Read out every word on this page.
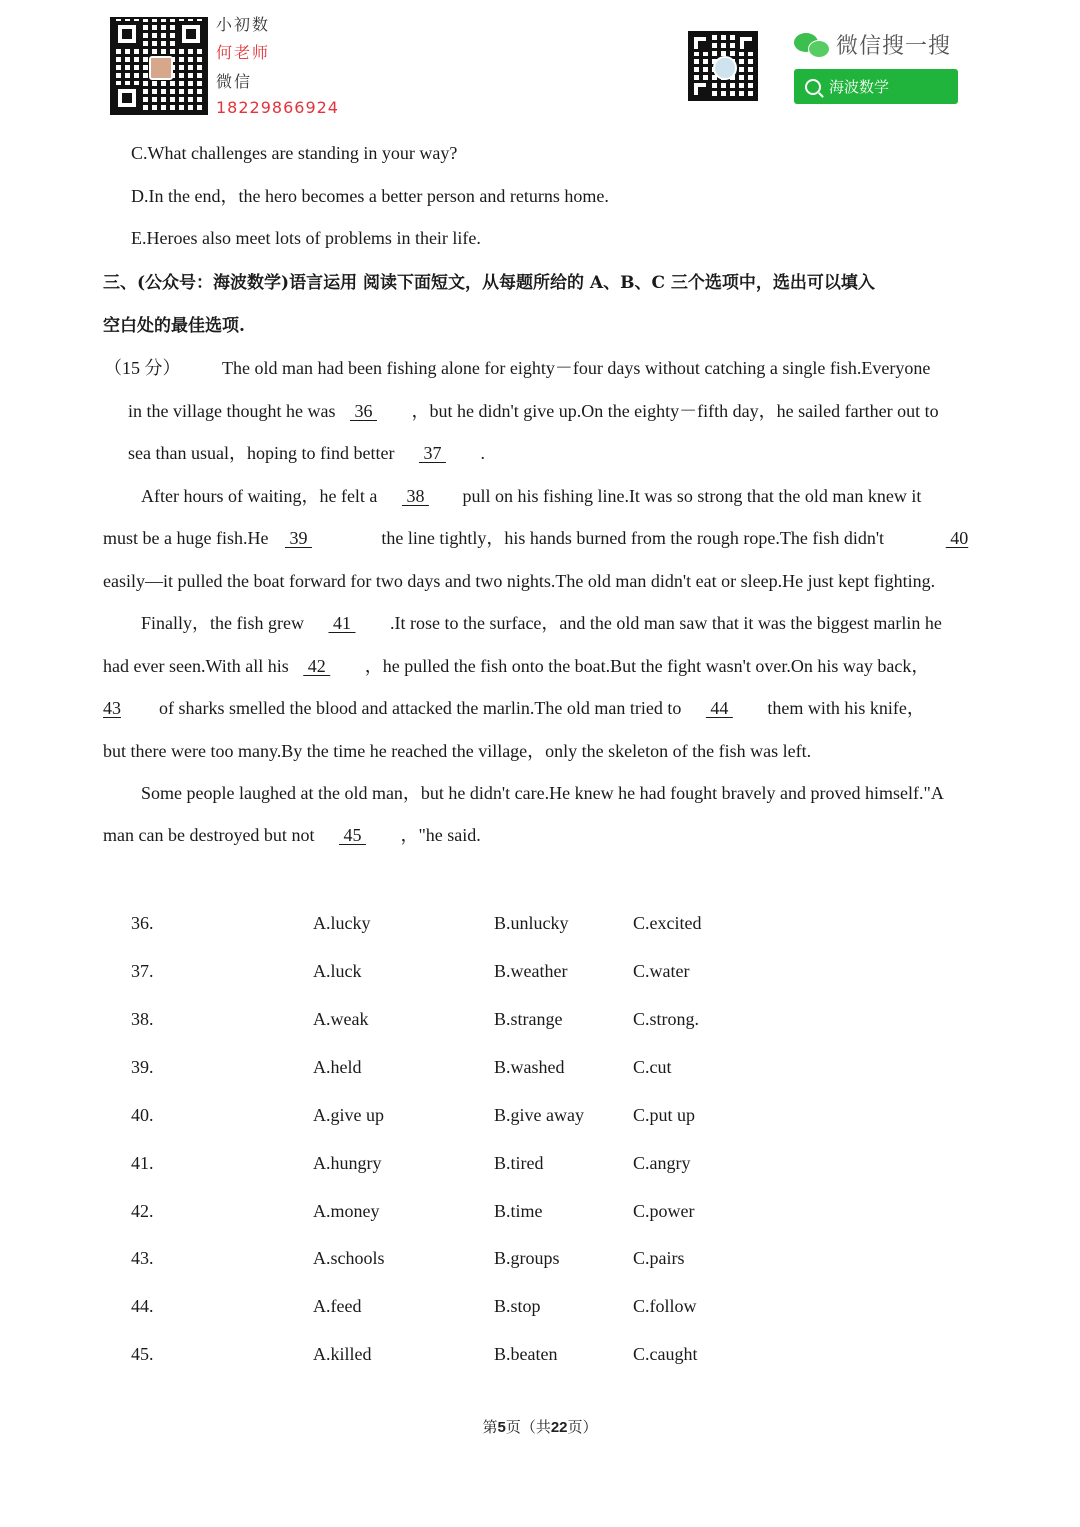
小初数
何老师
微信
18229866924
微信搜一搜
海波数学
C.What challenges are standing in your way?
D.In the end，the hero becomes a better person and returns home.
E.Heroes also meet lots of problems in their life.
三、(公众号：海波数学)语言运用 阅读下面短文，从每题所给的 A、B、C 三个选项中，选出可以填入
空白处的最佳选项.
（15 分） The old man had been fishing alone for eighty－four days without catching a single fish.Everyone
in the village thought he was 36 ，but he didn't give up.On the eighty－fifth day，he sailed farther out to
sea than usual，hoping to find better 37 .
After hours of waiting，he felt a 38 pull on his fishing line.It was so strong that the old man knew it
must be a huge fish.He 39	the line tightly，his hands burned from the rough rope.The fish didn't	40
easily—it pulled the boat forward for two days and two nights.The old man didn't eat or sleep.He just kept fighting.
Finally，the fish grew 41 .It rose to the surface，and the old man saw that it was the biggest marlin he
had ever seen.With all his 42 ，he pulled the fish onto the boat.But the fight wasn't over.On his way back，
43 of sharks smelled the blood and attacked the marlin.The old man tried to 44 them with his knife，
but there were too many.By the time he reached the village，only the skeleton of the fish was left.
Some people laughed at the old man，but he didn't care.He knew he had fought bravely and proved himself."A
man can be destroyed but not 45 ，"he said.
36.	A.lucky	B.unlucky	C.excited
37.	A.luck	B.weather	C.water
38.	A.weak	B.strange	C.strong.
39.	A.held	B.washed	C.cut
40.	A.give up	B.give away	C.put up
41.	A.hungry	B.tired	C.angry
42.	A.money	B.time	C.power
43.	A.schools	B.groups	C.pairs
44.	A.feed	B.stop	C.follow
45.	A.killed	B.beaten	C.caught
第5页（共22页）
